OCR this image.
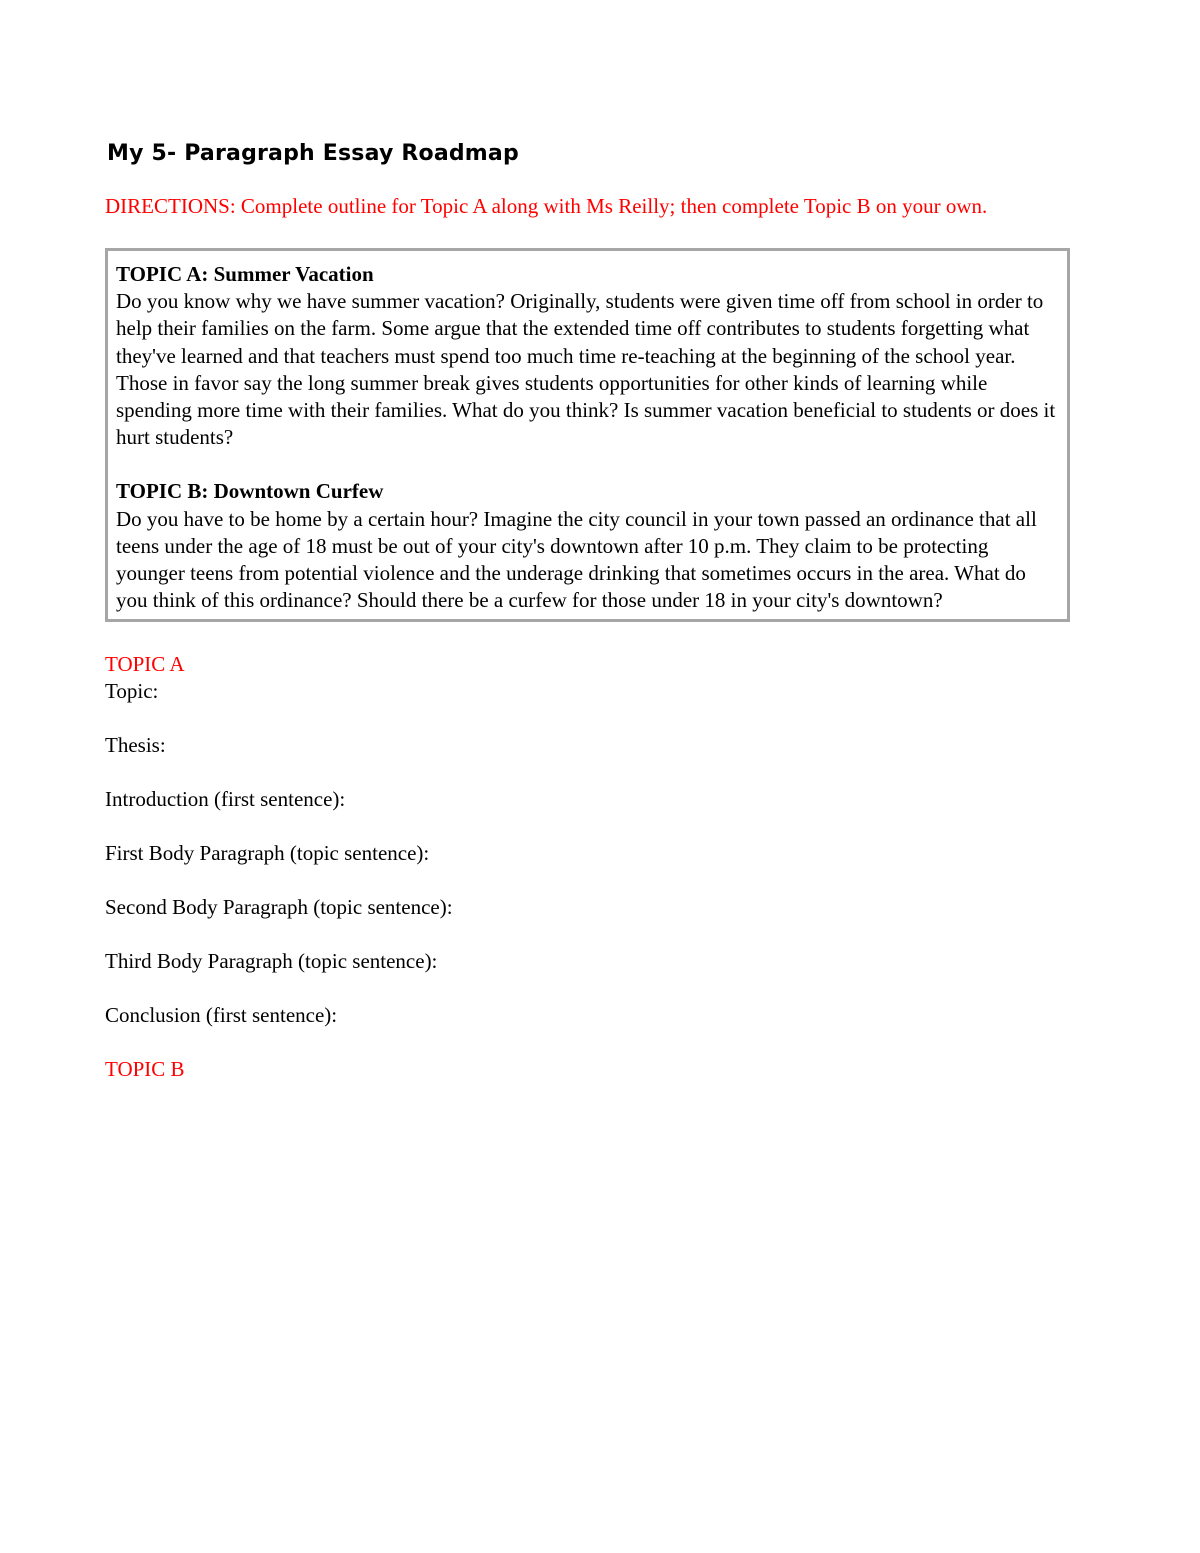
My 5- Paragraph Essay Roadmap

DIRECTIONS: Complete outline for Topic A along with Ms Reilly; then complete Topic B on your own.

TOPIC A: Summer Vacation
Do you know why we have summer vacation? Originally, students were given time off from school in order to help their families on the farm. Some argue that the extended time off contributes to students forgetting what they've learned and that teachers must spend too much time re-teaching at the beginning of the school year. Those in favor say the long summer break gives students opportunities for other kinds of learning while spending more time with their families. What do you think? Is summer vacation beneficial to students or does it hurt students?
TOPIC B: Downtown Curfew
Do you have to be home by a certain hour? Imagine the city council in your town passed an ordinance that all teens under the age of 18 must be out of your city's downtown after 10 p.m. They claim to be protecting younger teens from potential violence and the underage drinking that sometimes occurs in the area. What do you think of this ordinance? Should there be a curfew for those under 18 in your city's downtown?
TOPIC A
Topic:
Thesis:
Introduction (first sentence):
First Body Paragraph (topic sentence):
Second Body Paragraph (topic sentence):
Third Body Paragraph (topic sentence):
Conclusion (first sentence):
TOPIC B
